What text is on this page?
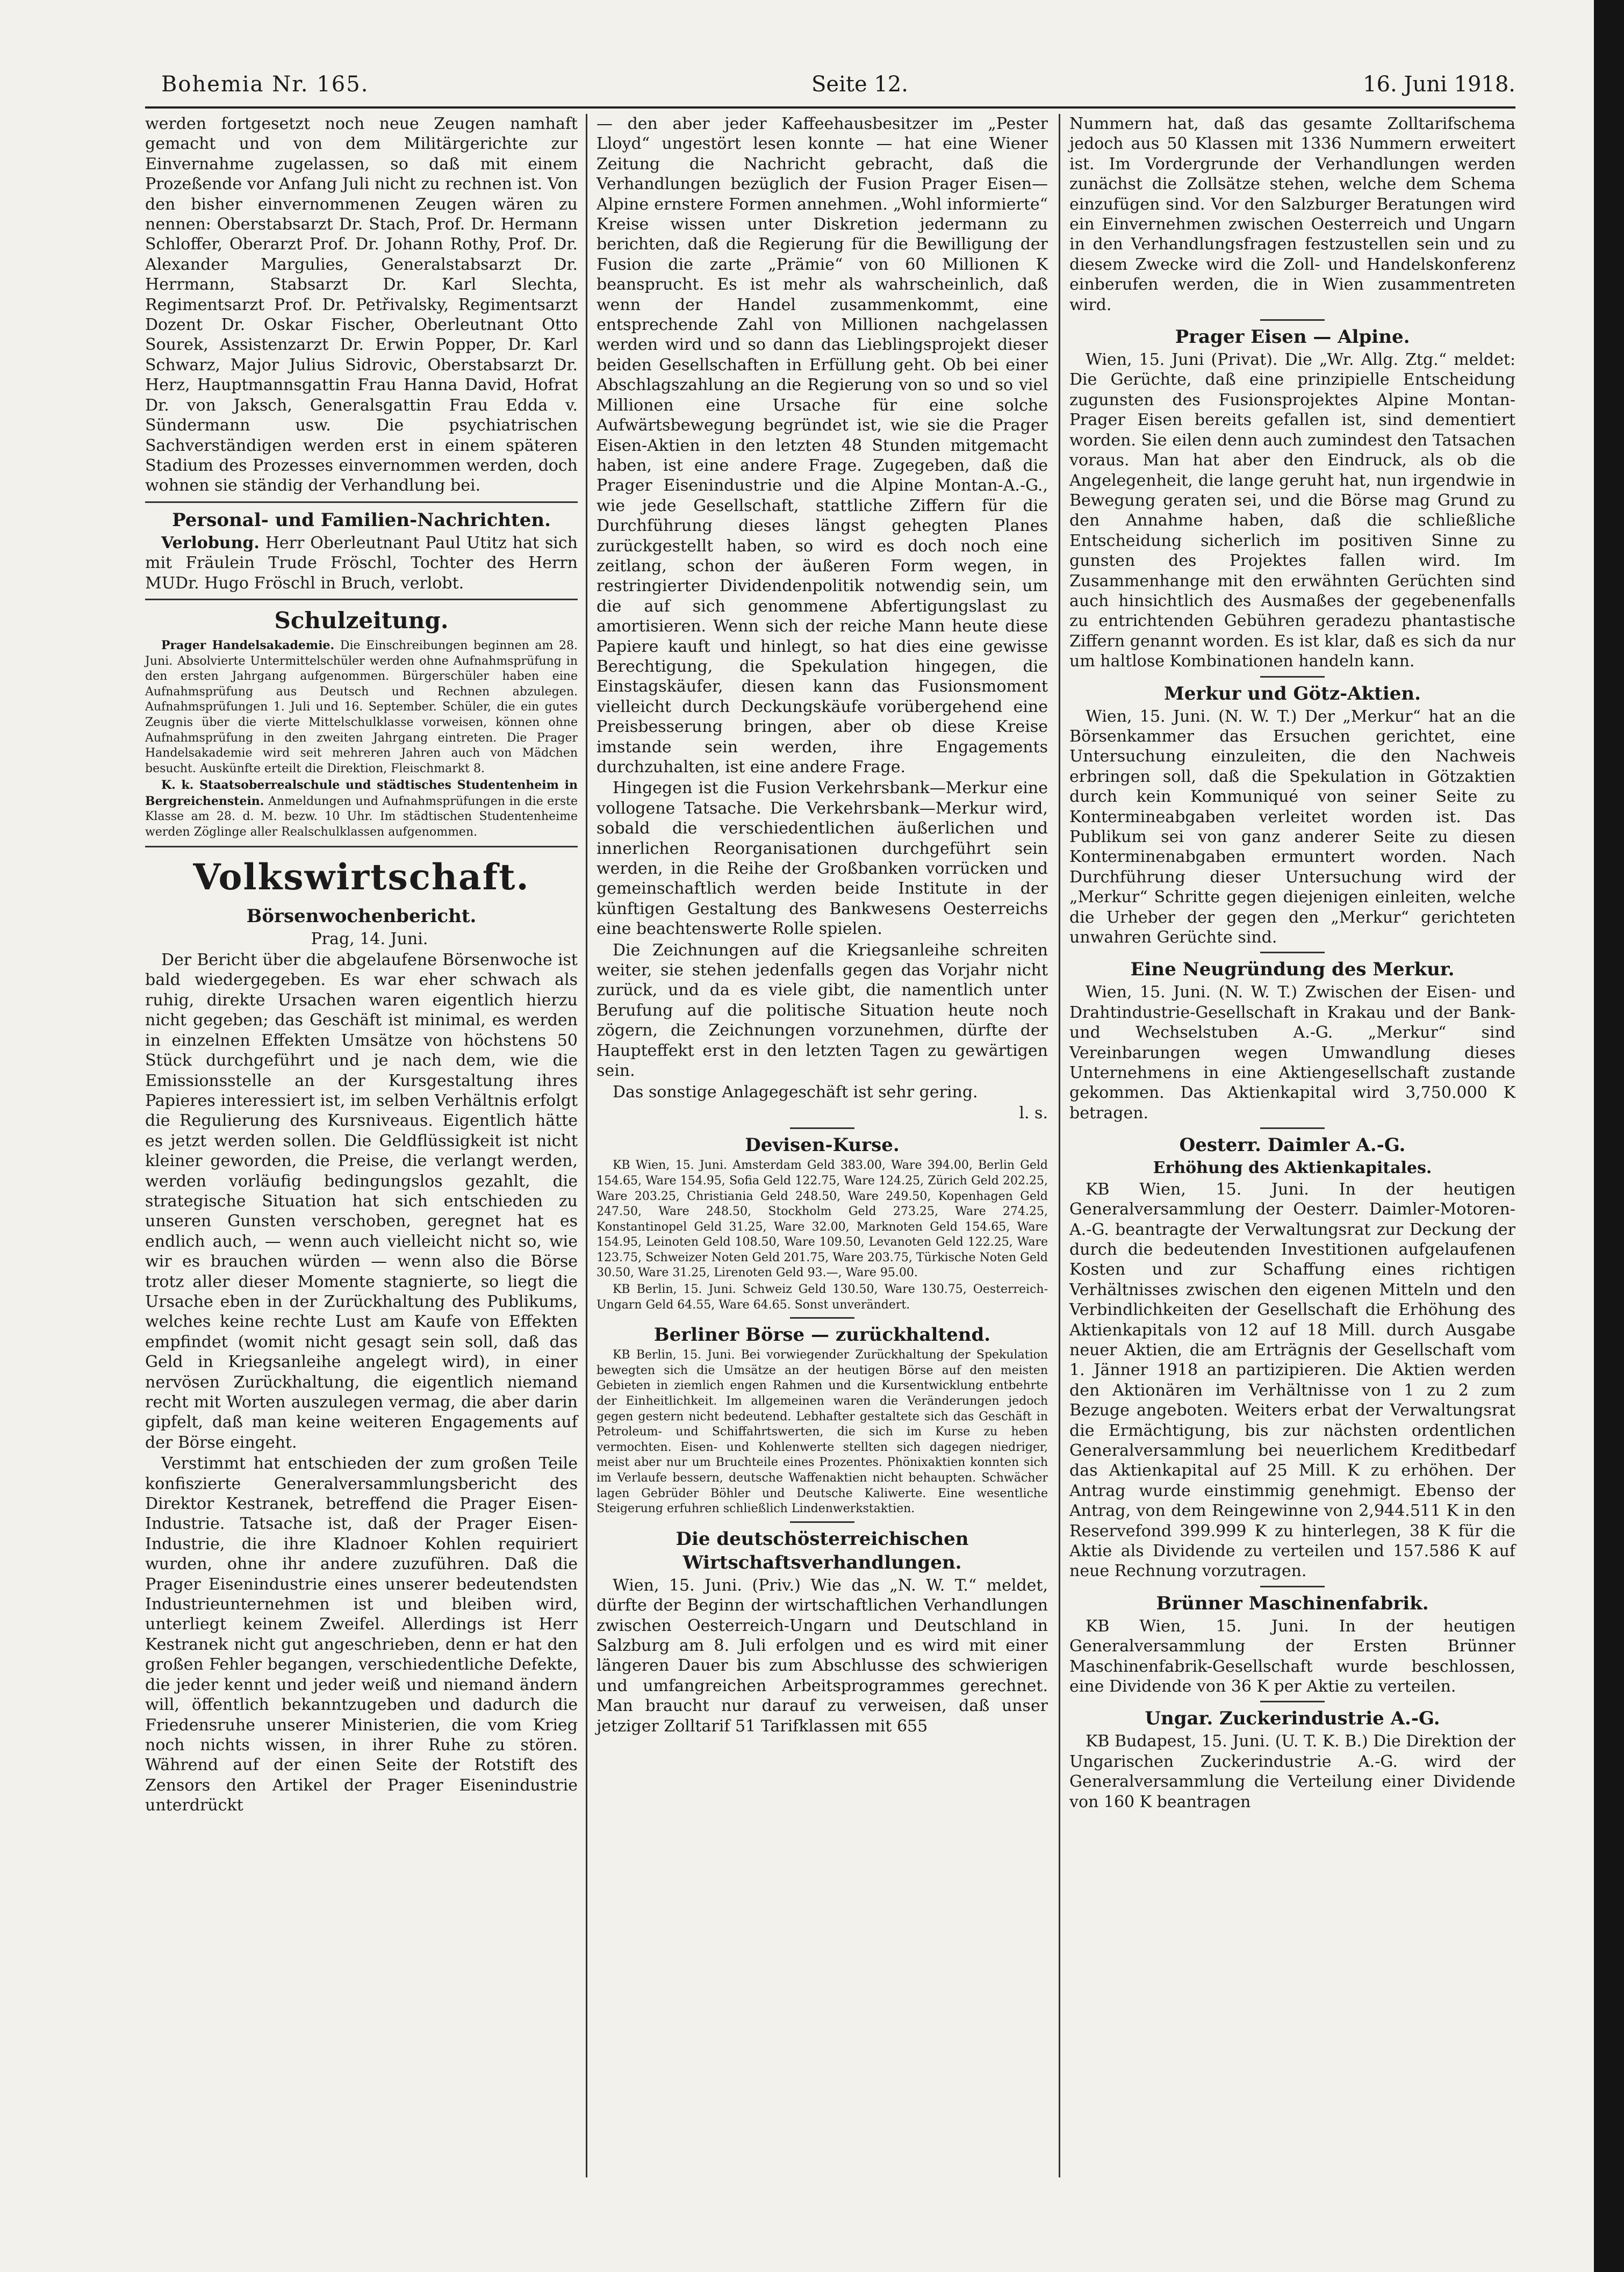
Bohemia Nr. 165.	Seite 12.	16. Juni 1918.

werden fortgesetzt noch neue Zeugen namhaft gemacht und von dem Militärgerichte zur Einvernahme zugelassen, so daß mit einem Prozeßende vor Anfang Juli nicht zu rechnen ist. Von den bisher einvernommenen Zeugen wären zu nennen: Oberstabsarzt Dr. Stach, Prof. Dr. Hermann Schloffer, Oberarzt Prof. Dr. Johann Rothy, Prof. Dr. Alexander Margulies, Generalstabsarzt Dr. Herrmann, Stabsarzt Dr. Karl Slechta, Regimentsarzt Prof. Dr. Petřivalsky, Regimentsarzt Dozent Dr. Oskar Fischer, Oberleutnant Otto Sourek, Assistenzarzt Dr. Erwin Popper, Dr. Karl Schwarz, Major Julius Sidrovic, Oberstabsarzt Dr. Herz, Hauptmannsgattin Frau Hanna David, Hofrat Dr. von Jaksch, Generalsgattin Frau Edda v. Sündermann usw. Die psychiatrischen Sachverständigen werden erst in einem späteren Stadium des Prozesses einvernommen werden, doch wohnen sie ständig der Verhandlung bei.

Personal- und Familien-Nachrichten.

Verlobung. Herr Oberleutnant Paul Utitz hat sich mit Fräulein Trude Fröschl, Tochter des Herrn MUDr. Hugo Fröschl in Bruch, verlobt.

Schulzeitung.

Prager Handelsakademie. Die Einschreibungen beginnen am 28. Juni. Absolvierte Untermittelschüler werden ohne Aufnahmsprüfung in den ersten Jahrgang aufgenommen. Bürgerschüler haben eine Aufnahmsprüfung aus Deutsch und Rechnen abzulegen. Aufnahmsprüfungen 1. Juli und 16. September. Schüler, die ein gutes Zeugnis über die vierte Mittelschulklasse vorweisen, können ohne Aufnahmsprüfung in den zweiten Jahrgang eintreten. Die Prager Handelsakademie wird seit mehreren Jahren auch von Mädchen besucht. Auskünfte erteilt die Direktion, Fleischmarkt 8.

K. k. Staatsoberrealschule und städtisches Studentenheim in Bergreichenstein. Anmeldungen und Aufnahmsprüfungen in die erste Klasse am 28. d. M. bezw. 10 Uhr. Im städtischen Studentenheime werden Zöglinge aller Realschulklassen aufgenommen.

Volkswirtschaft.
Börsenwochenbericht.

Prag, 14. Juni.

Der Bericht über die abgelaufene Börsenwoche ist bald wiedergegeben. Es war eher schwach als ruhig, direkte Ursachen waren eigentlich hierzu nicht gegeben; das Geschäft ist minimal, es werden in einzelnen Effekten Umsätze von höchstens 50 Stück durchgeführt und je nach dem, wie die Emissionsstelle an der Kursgestaltung ihres Papieres interessiert ist, im selben Verhältnis erfolgt die Regulierung des Kursniveaus. Eigentlich hätte es jetzt werden sollen. Die Geldflüssigkeit ist nicht kleiner geworden, die Preise, die verlangt werden, werden vorläufig bedingungslos gezahlt, die strategische Situation hat sich entschieden zu unseren Gunsten verschoben, geregnet hat es endlich auch, — wenn auch vielleicht nicht so, wie wir es brauchen würden — wenn also die Börse trotz aller dieser Momente stagnierte, so liegt die Ursache eben in der Zurückhaltung des Publikums, welches keine rechte Lust am Kaufe von Effekten empfindet (womit nicht gesagt sein soll, daß das Geld in Kriegsanleihe angelegt wird), in einer nervösen Zurückhaltung, die eigentlich niemand recht mit Worten auszulegen vermag, die aber darin gipfelt, daß man keine weiteren Engagements auf der Börse eingeht.

Verstimmt hat entschieden der zum großen Teile konfiszierte Generalversammlungsbericht des Direktor Kestranek, betreffend die Prager Eisen-Industrie. Tatsache ist, daß der Prager Eisen-Industrie, die ihre Kladnoer Kohlen requiriert wurden, ohne ihr andere zuzuführen. Daß die Prager Eisenindustrie eines unserer bedeutendsten Industrieunternehmen ist und bleiben wird, unterliegt keinem Zweifel. Allerdings ist Herr Kestranek nicht gut angeschrieben, denn er hat den großen Fehler begangen, verschiedentliche Defekte, die jeder kennt und jeder weiß und niemand ändern will, öffentlich bekanntzugeben und dadurch die Friedensruhe unserer Ministerien, die vom Krieg noch nichts wissen, in ihrer Ruhe zu stören. Während auf der einen Seite der Rotstift des Zensors den Artikel der Prager Eisenindustrie unterdrückt

— den aber jeder Kaffeehausbesitzer im „Pester Lloyd“ ungestört lesen konnte — hat eine Wiener Zeitung die Nachricht gebracht, daß die Verhandlungen bezüglich der Fusion Prager Eisen—Alpine ernstere Formen annehmen. „Wohl informierte“ Kreise wissen unter Diskretion jedermann zu berichten, daß die Regierung für die Bewilligung der Fusion die zarte „Prämie“ von 60 Millionen K beansprucht. Es ist mehr als wahrscheinlich, daß wenn der Handel zusammenkommt, eine entsprechende Zahl von Millionen nachgelassen werden wird und so dann das Lieblingsprojekt dieser beiden Gesellschaften in Erfüllung geht. Ob bei einer Abschlagszahlung an die Regierung von so und so viel Millionen eine Ursache für eine solche Aufwärtsbewegung begründet ist, wie sie die Prager Eisen-Aktien in den letzten 48 Stunden mitgemacht haben, ist eine andere Frage. Zugegeben, daß die Prager Eisenindustrie und die Alpine Montan-A.-G., wie jede Gesellschaft, stattliche Ziffern für die Durchführung dieses längst gehegten Planes zurückgestellt haben, so wird es doch noch eine zeitlang, schon der äußeren Form wegen, in restringierter Dividendenpolitik notwendig sein, um die auf sich genommene Abfertigungslast zu amortisieren. Wenn sich der reiche Mann heute diese Papiere kauft und hinlegt, so hat dies eine gewisse Berechtigung, die Spekulation hingegen, die Einstagskäufer, diesen kann das Fusionsmoment vielleicht durch Deckungskäufe vorübergehend eine Preisbesserung bringen, aber ob diese Kreise imstande sein werden, ihre Engagements durchzuhalten, ist eine andere Frage.

Hingegen ist die Fusion Verkehrsbank—Merkur eine vollogene Tatsache. Die Verkehrsbank—Merkur wird, sobald die verschiedentlichen äußerlichen und innerlichen Reorganisationen durchgeführt sein werden, in die Reihe der Großbanken vorrücken und gemeinschaftlich werden beide Institute in der künftigen Gestaltung des Bankwesens Oesterreichs eine beachtenswerte Rolle spielen.

Die Zeichnungen auf die Kriegsanleihe schreiten weiter, sie stehen jedenfalls gegen das Vorjahr nicht zurück, und da es viele gibt, die namentlich unter Berufung auf die politische Situation heute noch zögern, die Zeichnungen vorzunehmen, dürfte der Haupteffekt erst in den letzten Tagen zu gewärtigen sein.

Das sonstige Anlagegeschäft ist sehr gering.

l. s.

Devisen-Kurse.

KB Wien, 15. Juni. Amsterdam Geld 383.00, Ware 394.00, Berlin Geld 154.65, Ware 154.95, Sofia Geld 122.75, Ware 124.25, Zürich Geld 202.25, Ware 203.25, Christiania Geld 248.50, Ware 249.50, Kopenhagen Geld 247.50, Ware 248.50, Stockholm Geld 273.25, Ware 274.25, Konstantinopel Geld 31.25, Ware 32.00, Marknoten Geld 154.65, Ware 154.95, Leinoten Geld 108.50, Ware 109.50, Levanoten Geld 122.25, Ware 123.75, Schweizer Noten Geld 201.75, Ware 203.75, Türkische Noten Geld 30.50, Ware 31.25, Lirenoten Geld 93.—, Ware 95.00.

KB Berlin, 15. Juni. Schweiz Geld 130.50, Ware 130.75, Oesterreich-Ungarn Geld 64.55, Ware 64.65. Sonst unverändert.

Berliner Börse — zurückhaltend.

KB Berlin, 15. Juni. Bei vorwiegender Zurückhaltung der Spekulation bewegten sich die Umsätze an der heutigen Börse auf den meisten Gebieten in ziemlich engen Rahmen und die Kursentwicklung entbehrte der Einheitlichkeit. Im allgemeinen waren die Veränderungen jedoch gegen gestern nicht bedeutend. Lebhafter gestaltete sich das Geschäft in Petroleum- und Schiffahrtswerten, die sich im Kurse zu heben vermochten. Eisen- und Kohlenwerte stellten sich dagegen niedriger, meist aber nur um Bruchteile eines Prozentes. Phönixaktien konnten sich im Verlaufe bessern, deutsche Waffenaktien nicht behaupten. Schwächer lagen Gebrüder Böhler und Deutsche Kaliwerte. Eine wesentliche Steigerung erfuhren schließlich Lindenwerkstaktien.

Die deutschösterreichischen Wirtschaftsverhandlungen.

Wien, 15. Juni. (Priv.) Wie das „N. W. T.“ meldet, dürfte der Beginn der wirtschaftlichen Verhandlungen zwischen Oesterreich-Ungarn und Deutschland in Salzburg am 8. Juli erfolgen und es wird mit einer längeren Dauer bis zum Abschlusse des schwierigen und umfangreichen Arbeitsprogrammes gerechnet. Man braucht nur darauf zu verweisen, daß unser jetziger Zolltarif 51 Tarifklassen mit 655

Nummern hat, daß das gesamte Zolltarifschema jedoch aus 50 Klassen mit 1336 Nummern erweitert ist. Im Vordergrunde der Verhandlungen werden zunächst die Zollsätze stehen, welche dem Schema einzufügen sind. Vor den Salzburger Beratungen wird ein Einvernehmen zwischen Oesterreich und Ungarn in den Verhandlungsfragen festzustellen sein und zu diesem Zwecke wird die Zoll- und Handelskonferenz einberufen werden, die in Wien zusammentreten wird.

Prager Eisen — Alpine.

Wien, 15. Juni (Privat). Die „Wr. Allg. Ztg.“ meldet: Die Gerüchte, daß eine prinzipielle Entscheidung zugunsten des Fusionsprojektes Alpine Montan-Prager Eisen bereits gefallen ist, sind dementiert worden. Sie eilen denn auch zumindest den Tatsachen voraus. Man hat aber den Eindruck, als ob die Angelegenheit, die lange geruht hat, nun irgendwie in Bewegung geraten sei, und die Börse mag Grund zu den Annahme haben, daß die schließliche Entscheidung sicherlich im positiven Sinne zu gunsten des Projektes fallen wird. Im Zusammenhange mit den erwähnten Gerüchten sind auch hinsichtlich des Ausmaßes der gegebenenfalls zu entrichtenden Gebühren geradezu phantastische Ziffern genannt worden. Es ist klar, daß es sich da nur um haltlose Kombinationen handeln kann.

Merkur und Götz-Aktien.

Wien, 15. Juni. (N. W. T.) Der „Merkur“ hat an die Börsenkammer das Ersuchen gerichtet, eine Untersuchung einzuleiten, die den Nachweis erbringen soll, daß die Spekulation in Götzaktien durch kein Kommuniqué von seiner Seite zu Kontermineabgaben verleitet worden ist. Das Publikum sei von ganz anderer Seite zu diesen Konterminenabgaben ermuntert worden. Nach Durchführung dieser Untersuchung wird der „Merkur“ Schritte gegen diejenigen einleiten, welche die Urheber der gegen den „Merkur“ gerichteten unwahren Gerüchte sind.

Eine Neugründung des Merkur.

Wien, 15. Juni. (N. W. T.) Zwischen der Eisen- und Drahtindustrie-Gesellschaft in Krakau und der Bank- und Wechselstuben A.-G. „Merkur“ sind Vereinbarungen wegen Umwandlung dieses Unternehmens in eine Aktiengesellschaft zustande gekommen. Das Aktienkapital wird 3,750.000 K betragen.

Oesterr. Daimler A.-G.

Erhöhung des Aktienkapitales.

KB Wien, 15. Juni. In der heutigen Generalversammlung der Oesterr. Daimler-Motoren-A.-G. beantragte der Verwaltungsrat zur Deckung der durch die bedeutenden Investitionen aufgelaufenen Kosten und zur Schaffung eines richtigen Verhältnisses zwischen den eigenen Mitteln und den Verbindlichkeiten der Gesellschaft die Erhöhung des Aktienkapitals von 12 auf 18 Mill. durch Ausgabe neuer Aktien, die am Erträgnis der Gesellschaft vom 1. Jänner 1918 an partizipieren. Die Aktien werden den Aktionären im Verhältnisse von 1 zu 2 zum Bezuge angeboten. Weiters erbat der Verwaltungsrat die Ermächtigung, bis zur nächsten ordentlichen Generalversammlung bei neuerlichem Kreditbedarf das Aktienkapital auf 25 Mill. K zu erhöhen. Der Antrag wurde einstimmig genehmigt. Ebenso der Antrag, von dem Reingewinne von 2,944.511 K in den Reservefond 399.999 K zu hinterlegen, 38 K für die Aktie als Dividende zu verteilen und 157.586 K auf neue Rechnung vorzutragen.

Brünner Maschinenfabrik.

KB Wien, 15. Juni. In der heutigen Generalversammlung der Ersten Brünner Maschinenfabrik-Gesellschaft wurde beschlossen, eine Dividende von 36 K per Aktie zu verteilen.

Ungar. Zuckerindustrie A.-G.

KB Budapest, 15. Juni. (U. T. K. B.) Die Direktion der Ungarischen Zuckerindustrie A.-G. wird der Generalversammlung die Verteilung einer Dividende von 160 K beantragen
